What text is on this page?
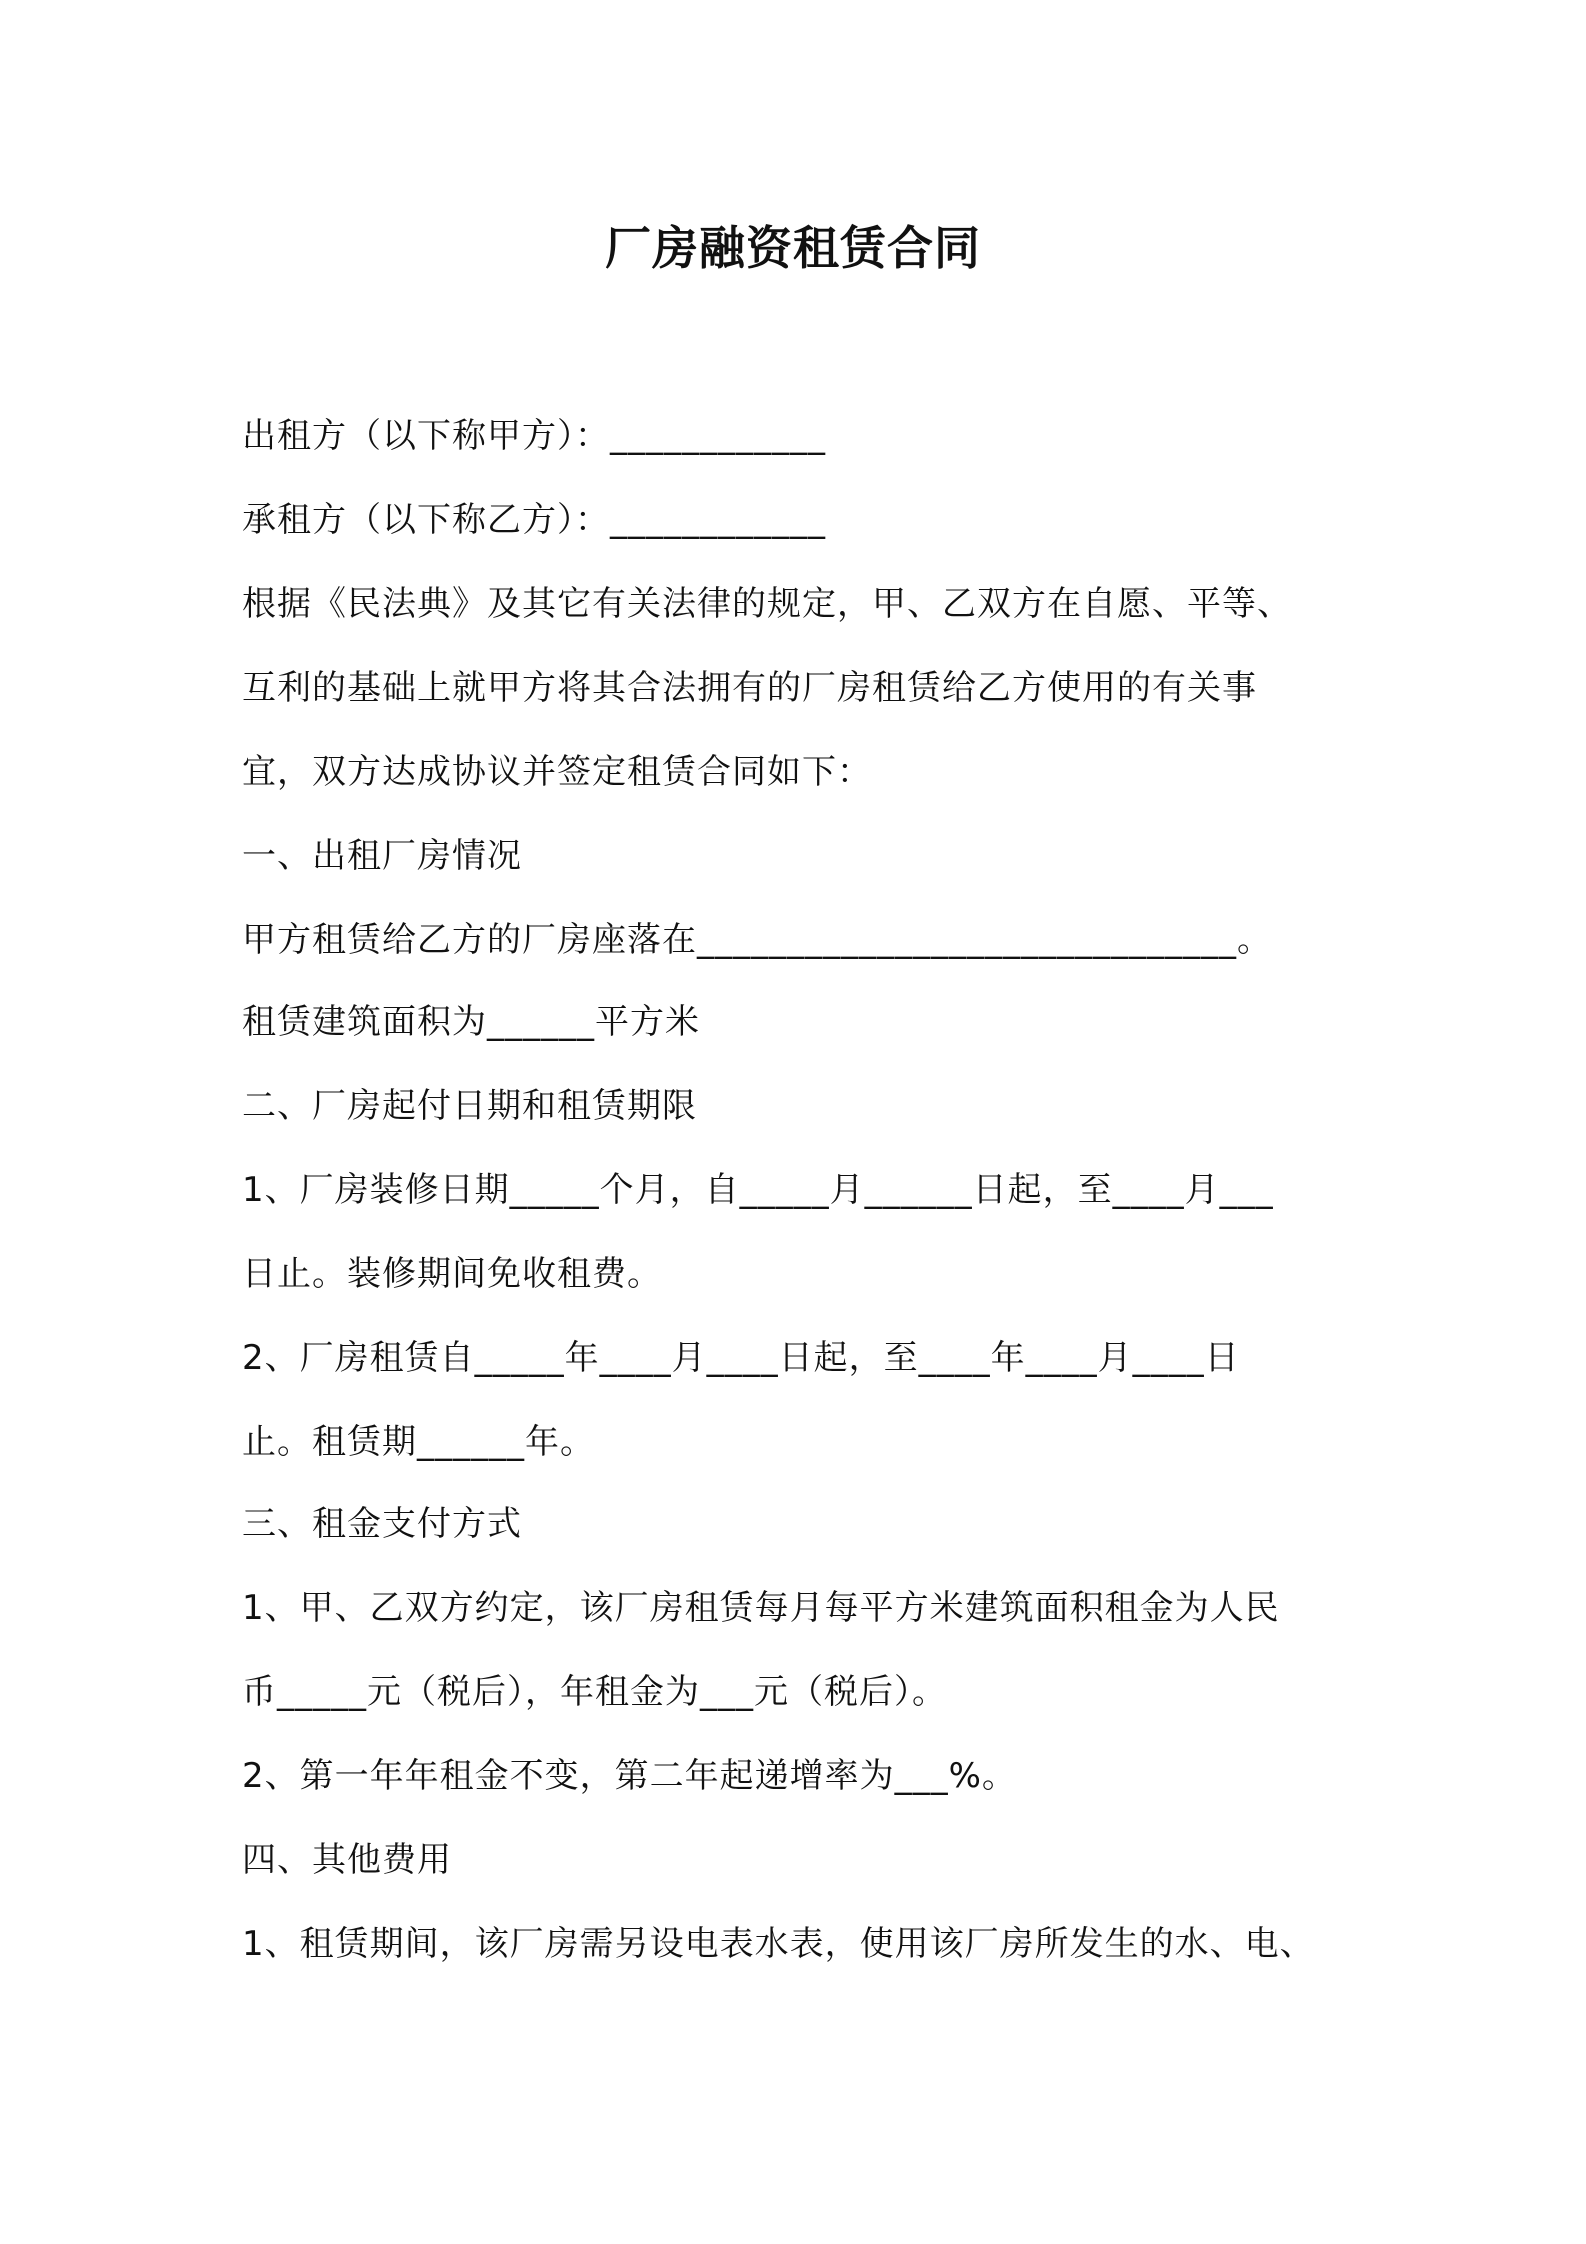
厂房融资租赁合同
出租方（以下称甲方）：____________
承租方（以下称乙方）：____________
根据《民法典》及其它有关法律的规定，甲、乙双方在自愿、平等、
互利的基础上就甲方将其合法拥有的厂房租赁给乙方使用的有关事
宜，双方达成协议并签定租赁合同如下：
一、出租厂房情况
甲方租赁给乙方的厂房座落在______________________________。
租赁建筑面积为______平方米
二、厂房起付日期和租赁期限
1、厂房装修日期_____个月，自_____月______日起，至____月___
日止。装修期间免收租费。
2、厂房租赁自_____年____月____日起，至____年____月____日
止。租赁期______年。
三、租金支付方式
1、甲、乙双方约定，该厂房租赁每月每平方米建筑面积租金为人民
币_____元（税后），年租金为___元（税后）。
2、第一年年租金不变，第二年起递增率为___%。
四、其他费用
1、租赁期间，该厂房需另设电表水表，使用该厂房所发生的水、电、
